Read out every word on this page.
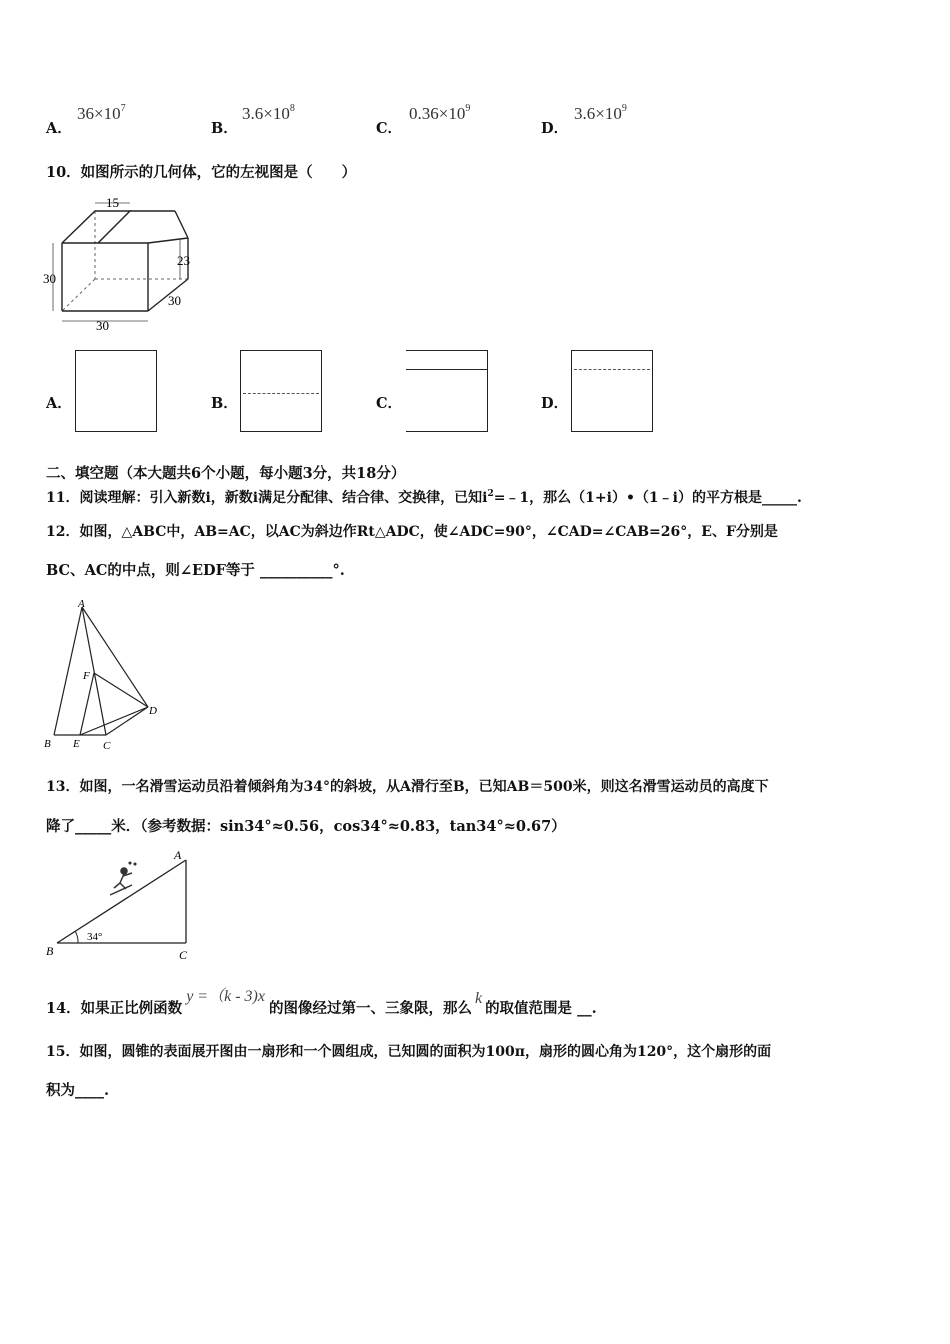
A．
$36\times 10^7$
B．
$3.6\times 10^8$
C．
$0.36\times 10^9$
D．
$3.6\times 10^9$
10．如图所示的几何体，它的左视图是（　　）
15
30
23
30
30
A．	B．	C．	D．
二、填空题（本大题共6个小题，每小题3分，共18分）
11．阅读理解：引入新数i，新数i满足分配律、结合律、交换律，已知$i^2=﹣1$，那么（1+i）•（1﹣i）的平方根是_____.
12．如图，△ABC中，AB=AC，以AC为斜边作Rt△ADC，使∠ADC=90°，∠CAD=∠CAB=26°，E、F分别是
BC、AC的中点，则∠EDF等于 __________°.
A
B E C
D
F
13．如图，一名滑雪运动员沿着倾斜角为34°的斜坡，从A滑行至B，已知AB＝500米，则这名滑雪运动员的高度下
降了_____米．（参考数据：sin34°≈0.56，cos34°≈0.83，tan34°≈0.67）
34°
A
B	C
14．如果正比例函数y =（k - 3)x的图像经过第一、三象限，那么k的取值范围是 __.
15．如图，圆锥的表面展开图由一扇形和一个圆组成，已知圆的面积为100π，扇形的圆心角为120°，这个扇形的面
积为____.
